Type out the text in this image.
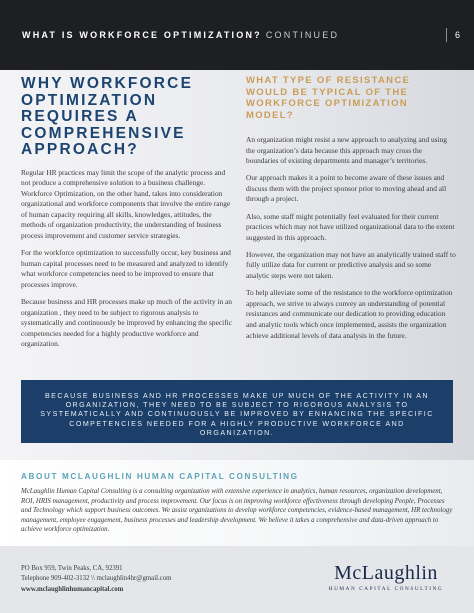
WHAT IS WORKFORCE OPTIMIZATION? CONTINUED	6
WHY WORKFORCE OPTIMIZATION REQUIRES A COMPREHENSIVE APPROACH?

Regular HR practices may limit the scope of the analytic process and not produce a comprehensive solution to a business challenge. Workforce Optimization, on the other hand, takes into consideration organizational and workforce components that involve the entire range of human capacity requiring all skills, knowledges, attitudes, the methods of organization productivity, the understanding of business process improvement and customer service strategies.

For the workforce optimization to successfully occur, key business and human capital processes need to be measured and analyzed to identify what workforce competencies need to be improved to ensure that processes improve.

Because business and HR processes make up much of the activity in an organization , they need to be subject to rigorous analysis to systematically and continuously be improved by enhancing the specific competencies needed for a highly productive workforce and organization.

WHAT TYPE OF RESISTANCE WOULD BE TYPICAL OF THE WORKFORCE OPTIMIZATION MODEL?

An organization might resist a new approach to analyzing and using the organization’s data because this approach may cross the boundaries of existing departments and manager’s territories.

Our approach makes it a point to become aware of these issues and discuss them with the project sponsor prior to moving ahead and all through a project.

Also, some staff might potentially feel evaluated for their current practices which may not have utilized organizational data to the extent suggested in this approach.

However, the organization may not have an analytically trained staff to fully utilize data for current or predictive analysis and so some analytic steps were not taken.

To help alleviate some of the resistance to the workforce optimization approach, we strive to always convey an understanding of potential resistances and communicate our dedication to providing education and analytic tools which once implemented, assists the organization achieve additional levels of data analysis in the future.

BECAUSE BUSINESS AND HR PROCESSES MAKE UP MUCH OF THE ACTIVITY IN AN ORGANIZATION, THEY NEED TO BE SUBJECT TO RIGOROUS ANALYSIS TO SYSTEMATICALLY AND CONTINUOUSLY BE IMPROVED BY ENHANCING THE SPECIFIC COMPETENCIES NEEDED FOR A HIGHLY PRODUCTIVE WORKFORCE AND ORGANIZATION.
ABOUT MCLAUGHLIN HUMAN CAPITAL CONSULTING

McLaughlin Human Capital Consulting is a consulting organization with extensive experience in analytics, human resources, organization development, ROI, HRIS management, productivity and process improvement. Our focus is on improving workforce effectiveness through developing People, Processes and Technology which support business outcomes. We assist organizations to develop workforce competencies, evidence-based management, HR technology management, employee engagement, business processes and leadership development. We believe it takes a comprehensive and data-driven approach to achieve workforce optimization.

PO Box 959, Twin Peaks, CA, 92391
Telephone 909-402-3132 \\ mclaughlin4hr@gmail.com
www.mclaughlinhumancapital.com
McLaughlin
HUMAN CAPITAL CONSULTING
